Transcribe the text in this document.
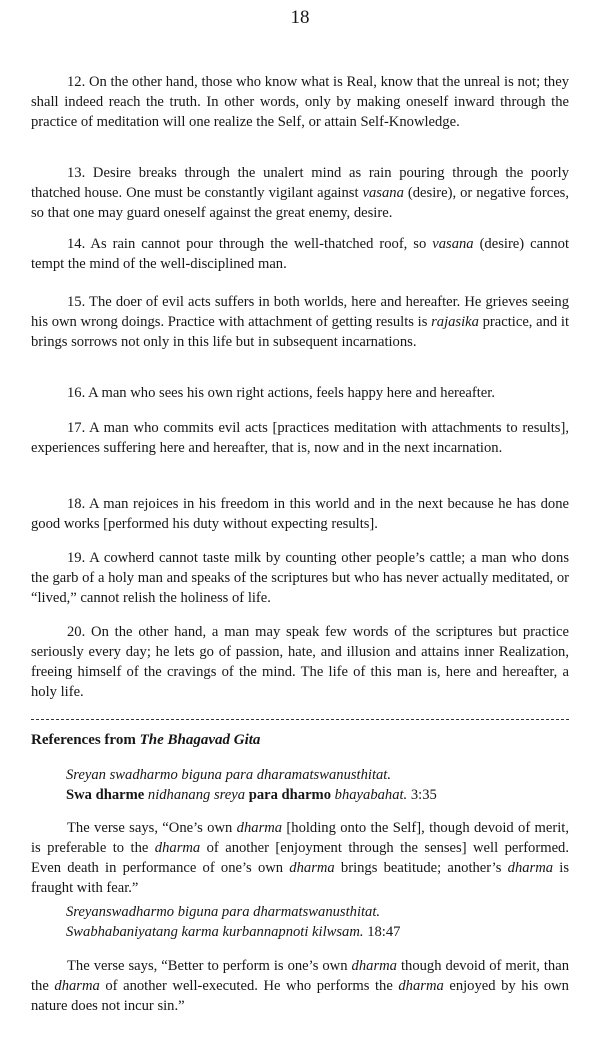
18

12. On the other hand, those who know what is Real, know that the unreal is not; they shall indeed reach the truth. In other words, only by making oneself inward through the practice of meditation will one realize the Self, or attain Self-Knowledge.

13. Desire breaks through the unalert mind as rain pouring through the poorly thatched house. One must be constantly vigilant against vasana (desire), or negative forces, so that one may guard oneself against the great enemy, desire.

14. As rain cannot pour through the well-thatched roof, so vasana (desire) cannot tempt the mind of the well-disciplined man.

15. The doer of evil acts suffers in both worlds, here and hereafter. He grieves seeing his own wrong doings. Practice with attachment of getting results is rajasika practice, and it brings sorrows not only in this life but in subsequent incarnations.

16. A man who sees his own right actions, feels happy here and hereafter.

17. A man who commits evil acts [practices meditation with attachments to results], experiences suffering here and hereafter, that is, now and in the next incarnation.

18. A man rejoices in his freedom in this world and in the next because he has done good works [performed his duty without expecting results].

19. A cowherd cannot taste milk by counting other people’s cattle; a man who dons the garb of a holy man and speaks of the scriptures but who has never actually meditated, or “lived,” cannot relish the holiness of life.

20. On the other hand, a man may speak few words of the scriptures but practice seriously every day; he lets go of passion, hate, and illusion and attains inner Realization, freeing himself of the cravings of the mind. The life of this man is, here and hereafter, a holy life.

References from The Bhagavad Gita

Sreyan swadharmo biguna para dharamatswanusthitat.
Swa dharme nidhanang sreya para dharmo bhayabahat. 3:35

The verse says, “One’s own dharma [holding onto the Self], though devoid of merit, is preferable to the dharma of another [enjoyment through the senses] well performed. Even death in performance of one’s own dharma brings beatitude; another’s dharma is fraught with fear.”

Sreyanswadharmo biguna para dharmatswanusthitat.
Swabhabaniyatang karma kurbannapnoti kilwsam. 18:47

The verse says, “Better to perform is one’s own dharma though devoid of merit, than the dharma of another well-executed. He who performs the dharma enjoyed by his own nature does not incur sin.”
